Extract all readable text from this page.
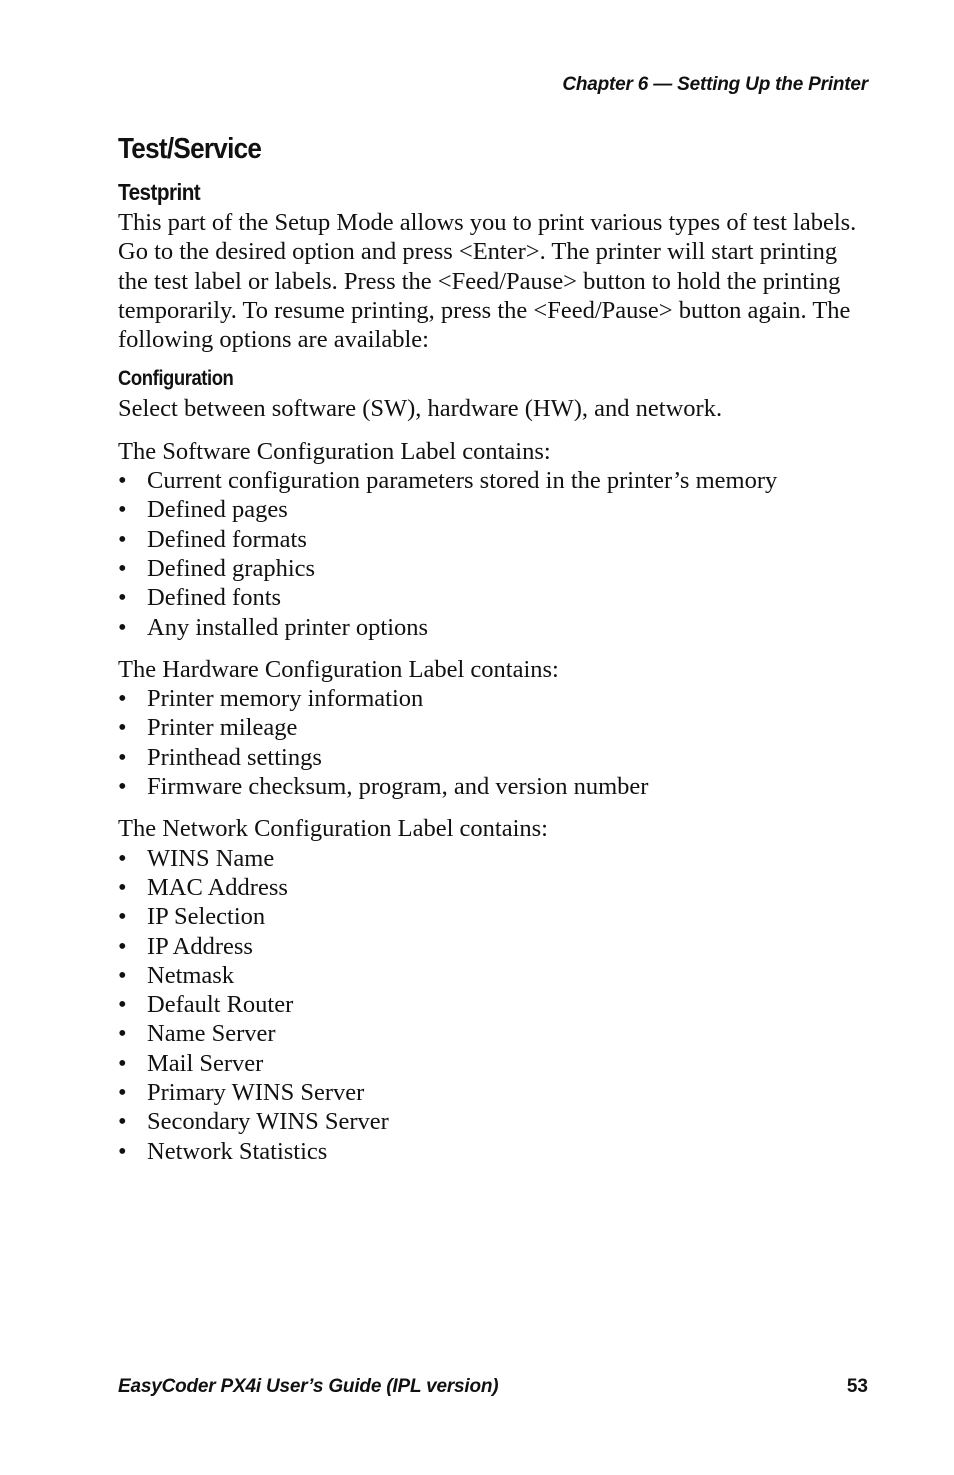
Chapter 6 — Setting Up the Printer
Test/Service
Testprint

This part of the Setup Mode allows you to print various types of test labels. Go to the desired option and press <Enter>. The printer will start printing the test label or labels. Press the <Feed/Pause> button to hold the printing temporarily. To resume printing, press the <Feed/Pause> button again. The following options are available:

Configuration

Select between software (SW), hardware (HW), and network.

The Software Configuration Label contains:

• Current configuration parameters stored in the printer’s memory
• Defined pages
• Defined formats
• Defined graphics
• Defined fonts
• Any installed printer options

The Hardware Configuration Label contains:

• Printer memory information
• Printer mileage
• Printhead settings
• Firmware checksum, program, and version number

The Network Configuration Label contains:

• WINS Name
• MAC Address
• IP Selection
• IP Address
• Netmask
• Default Router
• Name Server
• Mail Server
• Primary WINS Server
• Secondary WINS Server
• Network Statistics
EasyCoder PX4i User’s Guide (IPL version)	53
